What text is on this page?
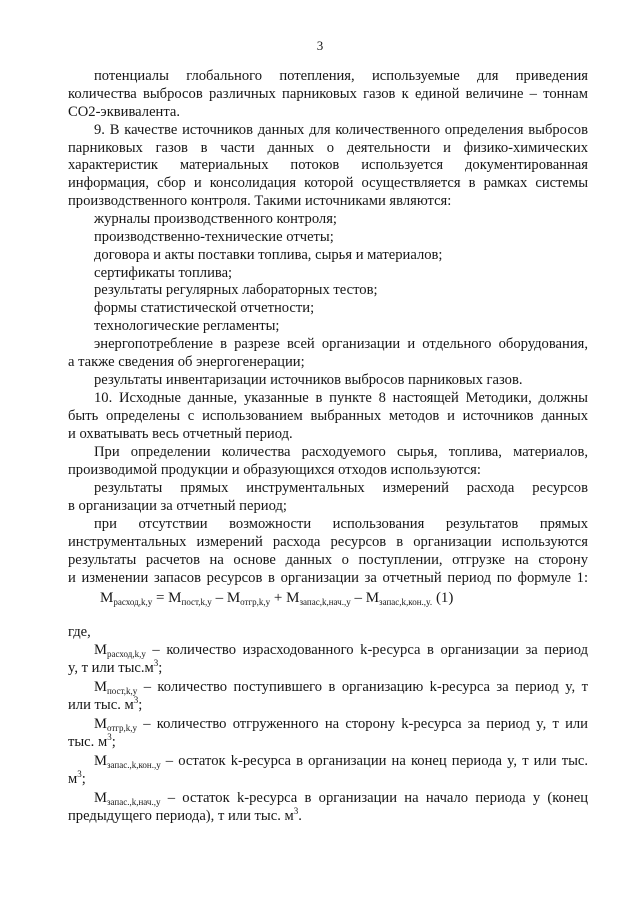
3
потенциалы глобального потепления, используемые для приведения
количества выбросов различных парниковых газов к единой величине – тоннам
СО2-эквивалента.
9. В качестве источников данных для количественного определения выбросов
парниковых газов в части данных о деятельности и физико-химических
характеристик материальных потоков используется документированная
информация, сбор и консолидация которой осуществляется в рамках системы
производственного контроля. Такими источниками являются:
журналы производственного контроля;
производственно-технические отчеты;
договора и акты поставки топлива, сырья и материалов;
сертификаты топлива;
результаты регулярных лабораторных тестов;
формы статистической отчетности;
технологические регламенты;
энергопотребление в разрезе всей организации и отдельного оборудования,
а также сведения об энергогенерации;
результаты инвентаризации источников выбросов парниковых газов.
10. Исходные данные, указанные в пункте 8 настоящей Методики, должны
быть определены с использованием выбранных методов и источников данных
и охватывать весь отчетный период.
При определении количества расходуемого сырья, топлива, материалов,
производимой продукции и образующихся отходов используются:
результаты прямых инструментальных измерений расхода ресурсов
в организации за отчетный период;
при отсутствии возможности использования результатов прямых
инструментальных измерений расхода ресурсов в организации используются
результаты расчетов на основе данных о поступлении, отгрузке на сторону
и изменении запасов ресурсов в организации за отчетный период по формуле 1:
$M_{расход,k,y} = M_{пост,k,y} - M_{отгр,k,y} + M_{запас,k,нач.,y} - M_{запас,k,кон.,y.}$ (1)
где,
$M_{расход,k,y}$ – количество израсходованного k-ресурса в организации за период
y, т или $тыс.м^3$;
$M_{пост,k,y}$ – количество поступившего в организацию k-ресурса за период y, т
или тыс. $м^3$;
$M_{отгр,k,y}$ – количество отгруженного на сторону k-ресурса за период y, т или
тыс. $м^3$;
$M_{запас.,k,кон.,y}$ – остаток k-ресурса в организации на конец периода y, т или тыс.
$м^3$;
$M_{запас.,k,нач.,y}$ – остаток k-ресурса в организации на начало периода y (конец
предыдущего периода), т или тыс. $м^3$.
